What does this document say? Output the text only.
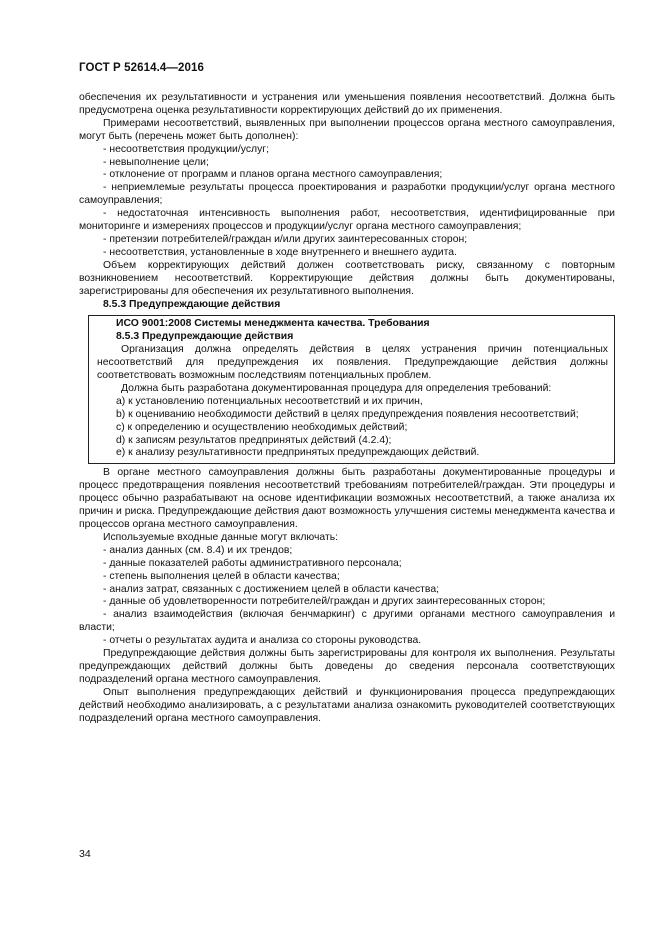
ГОСТ Р 52614.4—2016

обеспечения их результативности и устранения или уменьшения появления несоответствий. Должна быть предусмотрена оценка результативности корректирующих действий до их применения.

Примерами несоответствий, выявленных при выполнении процессов органа местного самоуправления, могут быть (перечень может быть дополнен):

- несоответствия продукции/услуг;

- невыполнение цели;

- отклонение от программ и планов органа местного самоуправления;

- неприемлемые результаты процесса проектирования и разработки продукции/услуг органа местного самоуправления;

- недостаточная интенсивность выполнения работ, несоответствия, идентифицированные при мониторинге и измерениях процессов и продукции/услуг органа местного самоуправления;

- претензии потребителей/граждан и/или других заинтересованных сторон;

- несоответствия, установленные в ходе внутреннего и внешнего аудита.

Объем корректирующих действий должен соответствовать риску, связанному с повторным возникновением несоответствий. Корректирующие действия должны быть документированы, зарегистрированы для обеспечения их результативного выполнения.

8.5.3 Предупреждающие действия

ИСО 9001:2008 Системы менеджмента качества. Требования

8.5.3 Предупреждающие действия

Организация должна определять действия в целях устранения причин потенциальных несоответствий для предупреждения их появления. Предупреждающие действия должны соответствовать возможным последствиям потенциальных проблем.

Должна быть разработана документированная процедура для определения требований:

a) к установлению потенциальных несоответствий и их причин,

b) к оцениванию необходимости действий в целях предупреждения появления несоответствий;

c) к определению и осуществлению необходимых действий;

d) к записям результатов предпринятых действий (4.2.4);

e) к анализу результативности предпринятых предупреждающих действий.

В органе местного самоуправления должны быть разработаны документированные процедуры и процесс предотвращения появления несоответствий требованиям потребителей/граждан. Эти процедуры и процесс обычно разрабатывают на основе идентификации возможных несоответствий, а также анализа их причин и риска. Предупреждающие действия дают возможность улучшения системы менеджмента качества и процессов органа местного самоуправления.

Используемые входные данные могут включать:

- анализ данных (см. 8.4) и их трендов;

- данные показателей работы административного персонала;

- степень выполнения целей в области качества;

- анализ затрат, связанных с достижением целей в области качества;

- данные об удовлетворенности потребителей/граждан и других заинтересованных сторон;

- анализ взаимодействия (включая бенчмаркинг) с другими органами местного самоуправления и власти;

- отчеты о результатах аудита и анализа со стороны руководства.

Предупреждающие действия должны быть зарегистрированы для контроля их выполнения. Результаты предупреждающих действий должны быть доведены до сведения персонала соответствующих подразделений органа местного самоуправления.

Опыт выполнения предупреждающих действий и функционирования процесса предупреждающих действий необходимо анализировать, а с результатами анализа ознакомить руководителей соответствующих подразделений органа местного самоуправления.

34
